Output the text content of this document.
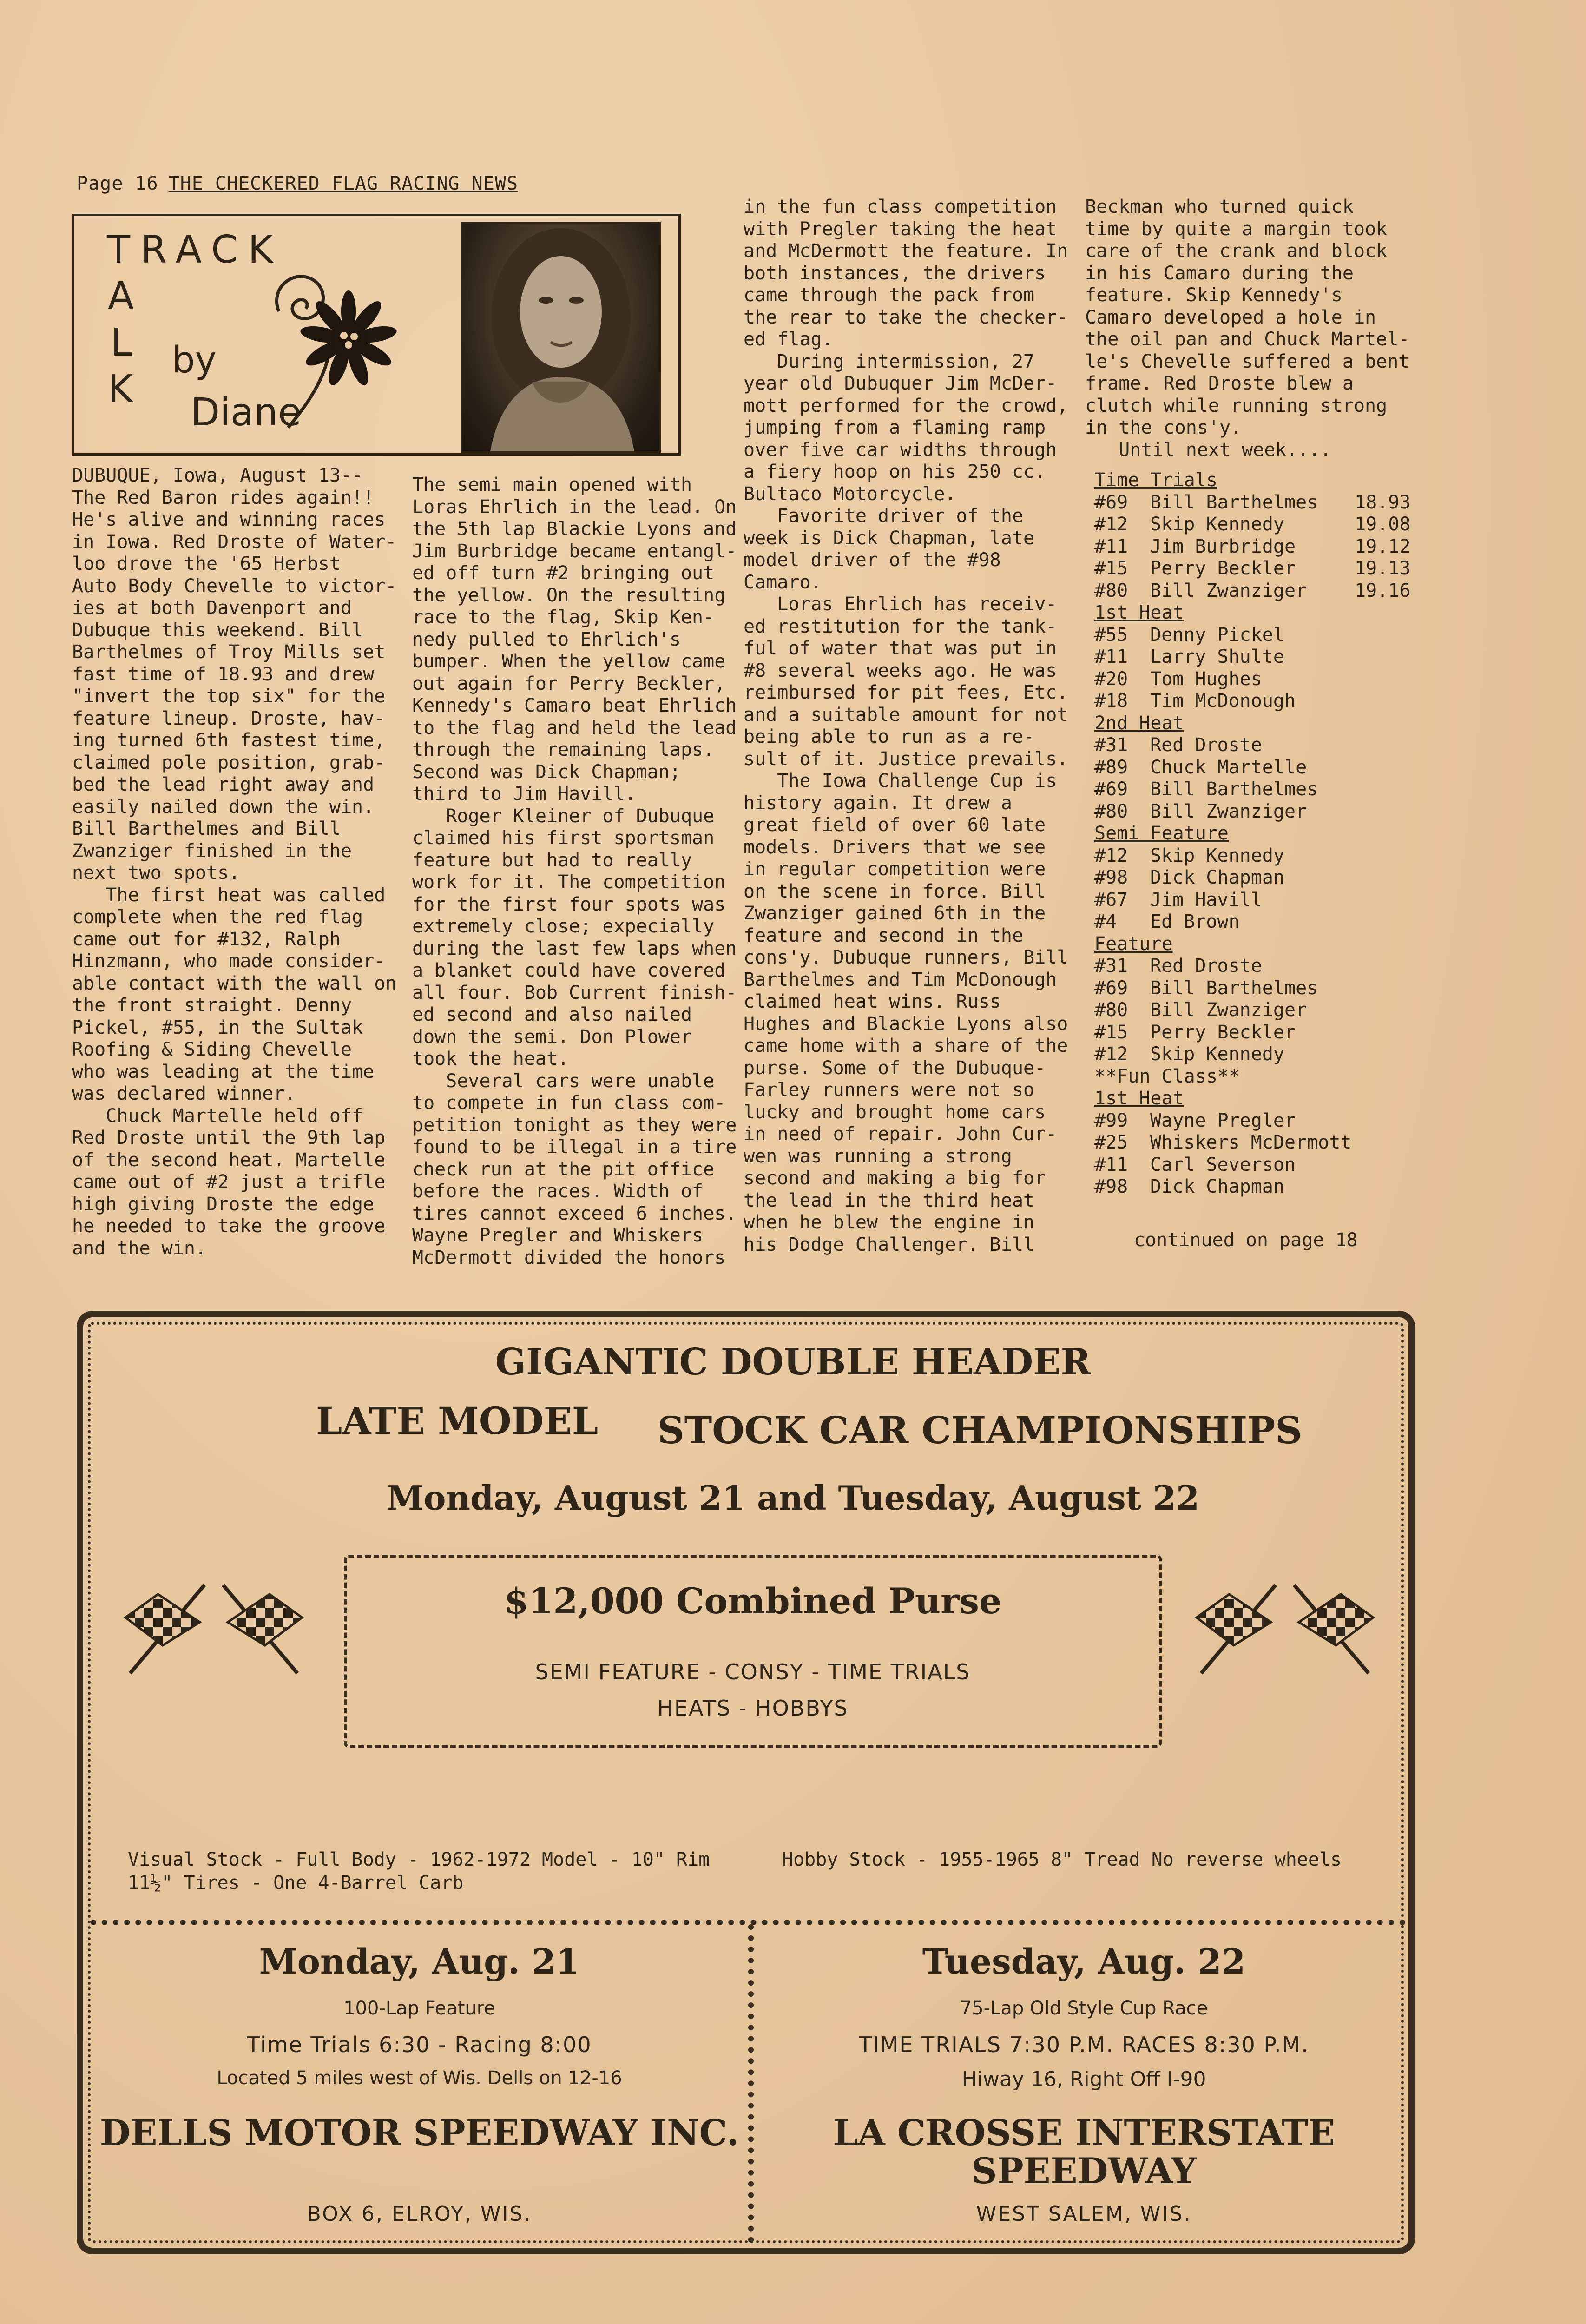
Page 16 THE CHECKERED FLAG RACING NEWS
TRACK
A
L
K
by
Diane
DUBUQUE, Iowa, August 13--
The Red Baron rides again!!
He's alive and winning races
in Iowa. Red Droste of Water-
loo drove the '65 Herbst
Auto Body Chevelle to victor-
ies at both Davenport and
Dubuque this weekend. Bill
Barthelmes of Troy Mills set
fast time of 18.93 and drew
"invert the top six" for the
feature lineup. Droste, hav-
ing turned 6th fastest time,
claimed pole position, grab-
bed the lead right away and
easily nailed down the win.
Bill Barthelmes and Bill
Zwanziger finished in the
next two spots.
The first heat was called
complete when the red flag
came out for #132, Ralph
Hinzmann, who made consider-
able contact with the wall on
the front straight. Denny
Pickel, #55, in the Sultak
Roofing & Siding Chevelle
who was leading at the time
was declared winner.
Chuck Martelle held off
Red Droste until the 9th lap
of the second heat. Martelle
came out of #2 just a trifle
high giving Droste the edge
he needed to take the groove
and the win.
The semi main opened with
Loras Ehrlich in the lead. On
the 5th lap Blackie Lyons and
Jim Burbridge became entangl-
ed off turn #2 bringing out
the yellow. On the resulting
race to the flag, Skip Ken-
nedy pulled to Ehrlich's
bumper. When the yellow came
out again for Perry Beckler,
Kennedy's Camaro beat Ehrlich
to the flag and held the lead
through the remaining laps.
Second was Dick Chapman;
third to Jim Havill.
Roger Kleiner of Dubuque
claimed his first sportsman
feature but had to really
work for it. The competition
for the first four spots was
extremely close; expecially
during the last few laps when
a blanket could have covered
all four. Bob Current finish-
ed second and also nailed
down the semi. Don Plower
took the heat.
Several cars were unable
to compete in fun class com-
petition tonight as they were
found to be illegal in a tire
check run at the pit office
before the races. Width of
tires cannot exceed 6 inches.
Wayne Pregler and Whiskers
McDermott divided the honors
in the fun class competition
with Pregler taking the heat
and McDermott the feature. In
both instances, the drivers
came through the pack from
the rear to take the checker-
ed flag.
During intermission, 27
year old Dubuquer Jim McDer-
mott performed for the crowd,
jumping from a flaming ramp
over five car widths through
a fiery hoop on his 250 cc.
Bultaco Motorcycle.
Favorite driver of the
week is Dick Chapman, late
model driver of the #98
Camaro.
Loras Ehrlich has receiv-
ed restitution for the tank-
ful of water that was put in
#8 several weeks ago. He was
reimbursed for pit fees, Etc.
and a suitable amount for not
being able to run as a re-
sult of it. Justice prevails.
The Iowa Challenge Cup is
history again. It drew a
great field of over 60 late
models. Drivers that we see
in regular competition were
on the scene in force. Bill
Zwanziger gained 6th in the
feature and second in the
cons'y. Dubuque runners, Bill
Barthelmes and Tim McDonough
claimed heat wins. Russ
Hughes and Blackie Lyons also
came home with a share of the
purse. Some of the Dubuque-
Farley runners were not so
lucky and brought home cars
in need of repair. John Cur-
wen was running a strong
second and making a big for
the lead in the third heat
when he blew the engine in
his Dodge Challenger. Bill
Beckman who turned quick
time by quite a margin took
care of the crank and block
in his Camaro during the
feature. Skip Kennedy's
Camaro developed a hole in
the oil pan and Chuck Martel-
le's Chevelle suffered a bent
frame. Red Droste blew a
clutch while running strong
in the cons'y.
Until next week....
Time Trials
#69 Bill Barthelmes 18.93
#12 Skip Kennedy	19.08
#11 Jim Burbridge	19.12
#15 Perry Beckler	19.13
#80 Bill Zwanziger	19.16
1st Heat
#55 Denny Pickel
#11 Larry Shulte
#20 Tom Hughes
#18 Tim McDonough
2nd Heat
#31 Red Droste
#89 Chuck Martelle
#69 Bill Barthelmes
#80 Bill Zwanziger
Semi Feature
#12 Skip Kennedy
#98 Dick Chapman
#67 Jim Havill
#4 Ed Brown
Feature
#31 Red Droste
#69 Bill Barthelmes
#80 Bill Zwanziger
#15 Perry Beckler
#12 Skip Kennedy
**Fun Class**
1st Heat
#99 Wayne Pregler
#25 Whiskers McDermott
#11 Carl Severson
#98 Dick Chapman
continued on page 18
GIGANTIC DOUBLE HEADER
LATE MODEL STOCK CAR CHAMPIONSHIPS
Monday, August 21 and Tuesday, August 22
$12,000 Combined Purse
SEMI FEATURE - CONSY - TIME TRIALS
HEATS - HOBBYS
Visual Stock - Full Body - 1962-1972 Model - 10" Rim
11½" Tires - One 4-Barrel Carb
Hobby Stock - 1955-1965 8" Tread No reverse wheels
Monday, Aug. 21
100-Lap Feature
Time Trials 6:30 - Racing 8:00
Located 5 miles west of Wis. Dells on 12-16
DELLS MOTOR SPEEDWAY INC.
BOX 6, ELROY, WIS.
Tuesday, Aug. 22
75-Lap Old Style Cup Race
TIME TRIALS 7:30 P.M. RACES 8:30 P.M.
Hiway 16, Right Off I-90
LA CROSSE INTERSTATE SPEEDWAY
WEST SALEM, WIS.
